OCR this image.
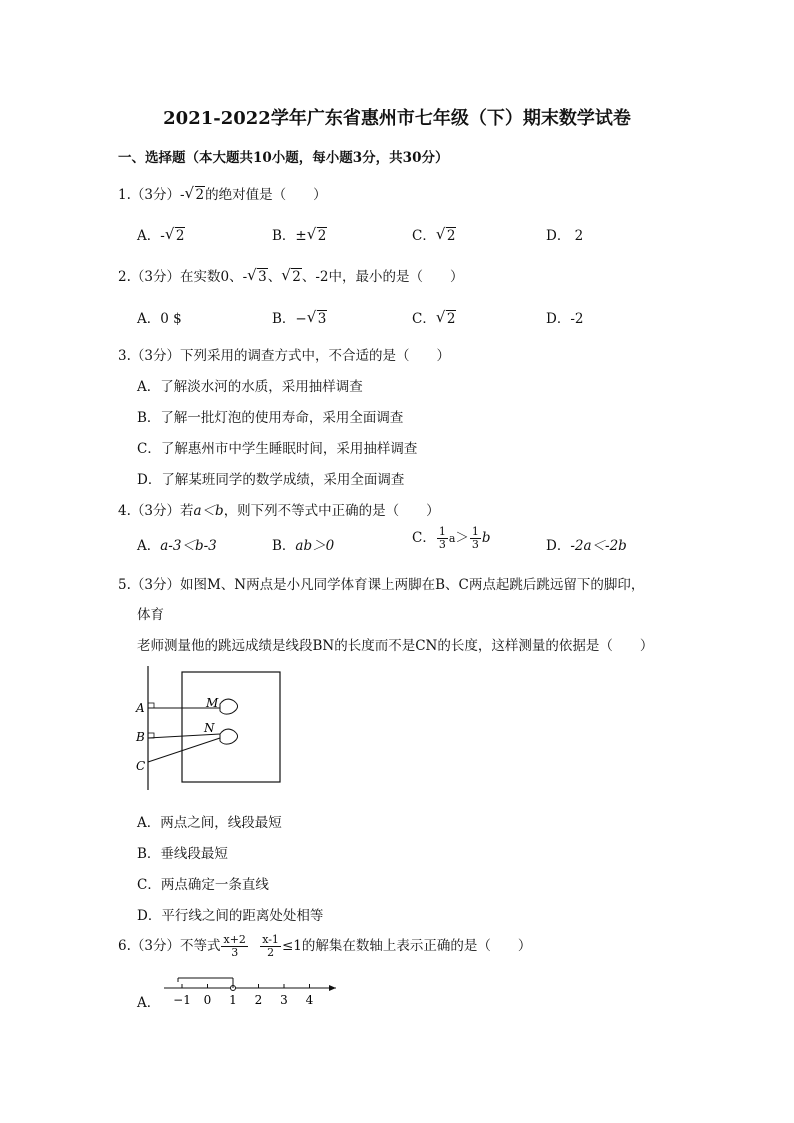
2021-2022学年广东省惠州市七年级（下）期末数学试卷
一、选择题（本大题共10小题，每小题3分，共30分）
1.（3分）- √ 2的绝对值是（　　）
A．- √ 2	B．± √ 2	C． √ 2	D． 2
2.（3分）在实数0、- √ 3、 √ 2、-2中，最小的是（　　）
A．0 $	B．− √ 3	C． √ 2	D．-2
3.（3分）下列采用的调查方式中，不合适的是（　　）
A．了解淡水河的水质，采用抽样调查
B．了解一批灯泡的使用寿命，采用全面调查
C．了解惠州市中学生睡眠时间，采用抽样调查
D．了解某班同学的数学成绩，采用全面调查
4.（3分）若a＜b，则下列不等式中正确的是（　　）
A．a-3＜b-3	B．ab＞0	C． $\frac{1}{3} a> \frac{1}{3}$ b	D．-2a＜-2b
5.（3分）如图M、N两点是小凡同学体育课上两脚在B、C两点起跳后跳远留下的脚印，
体育
老师测量他的跳远成绩是线段BN的长度而不是CN的长度，这样测量的依据是（　　）
A
B
C
M
N
A．两点之间，线段最短
B．垂线段最短
C．两点确定一条直线
D．平行线之间的距离处处相等
6.（3分）不等式 $\frac{x+2}{3}$
$\frac{x-1}{2} \le 1$的解集在数轴上表示正确的是（　　）
A． −1 0 1 2 3 4
